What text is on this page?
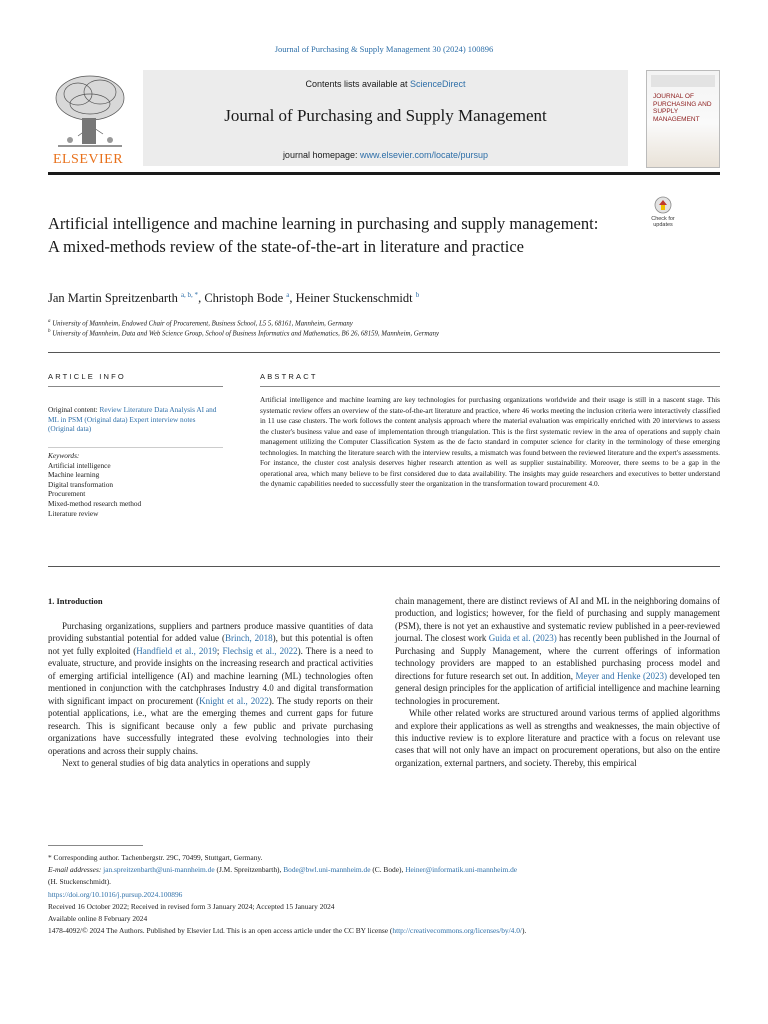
Journal of Purchasing & Supply Management 30 (2024) 100896
ELSEVIER
Contents lists available at ScienceDirect
Journal of Purchasing and Supply Management
journal homepage: www.elsevier.com/locate/pursup
JOURNAL OF PURCHASING AND SUPPLY MANAGEMENT
Check for updates
Artificial intelligence and machine learning in purchasing and supply management: A mixed-methods review of the state-of-the-art in literature and practice
Jan Martin Spreitzenbarth $^{a, b, *}$, Christoph Bode $^a$, Heiner Stuckenschmidt $^b$
$^a$ University of Mannheim, Endowed Chair of Procurement, Business School, L5 5, 68161, Mannheim, Germany
$^b$ University of Mannheim, Data and Web Science Group, School of Business Informatics and Mathematics, B6 26, 68159, Mannheim, Germany
ARTICLE INFO	ABSTRACT
Original content: Review Literature Data Analysis AI and ML in PSM (Original data) Expert interview notes (Original data)
Keywords:
Artificial intelligence
Machine learning
Digital transformation
Procurement
Mixed-method research method
Literature review
Artificial intelligence and machine learning are key technologies for purchasing organizations worldwide and their usage is still in a nascent stage. This systematic review offers an overview of the state-of-the-art literature and practice, where 46 works meeting the inclusion criteria were interactively classified in 11 use case clusters. The work follows the content analysis approach where the material evaluation was empirically enriched with 20 interviews to assess the cluster's business value and ease of implementation through triangulation. This is the first systematic review in the area of operations and supply chain management utilizing the Computer Classification System as the de facto standard in computer science for clarity in the terminology of these emerging technologies. In matching the literature search with the interview results, a mismatch was found between the reviewed literature and the expert's assessments. For instance, the cluster cost analysis deserves higher research attention as well as supplier sustainability. Moreover, there seems to be a gap in the operational area, which many believe to be first considered due to data availability. The insights may guide researchers and executives to better understand the dynamic capabilities needed to successfully steer the organization in the transformation toward procurement 4.0.
1. Introduction

Purchasing organizations, suppliers and partners produce massive quantities of data providing substantial potential for added value (Brinch, 2018), but this potential is often not yet fully exploited (Handfield et al., 2019; Flechsig et al., 2022). There is a need to evaluate, structure, and provide insights on the increasing research and practical activities of emerging artificial intelligence (AI) and machine learning (ML) technologies often mentioned in conjunction with the catchphrases Industry 4.0 and digital transformation with significant impact on procurement (Knight et al., 2022). The study reports on their potential applications, i.e., what are the emerging themes and current gaps for future research. This is significant because only a few public and private purchasing organizations have successfully integrated these evolving technologies into their operations and across their supply chains.

Next to general studies of big data analytics in operations and supply

chain management, there are distinct reviews of AI and ML in the neighboring domains of production, and logistics; however, for the field of purchasing and supply management (PSM), there is not yet an exhaustive and systematic review published in a peer-reviewed journal. The closest work Guida et al. (2023) has recently been published in the Journal of Purchasing and Supply Management, where the current offerings of information technology providers are mapped to an established purchasing process model and directions for future research set out. In addition, Meyer and Henke (2023) developed ten general design principles for the application of artificial intelligence and machine learning technologies in procurement.

While other related works are structured around various terms of applied algorithms and explore their applications as well as strengths and weaknesses, the main objective of this inductive review is to explore literature and practice with a focus on relevant use cases that will not only have an impact on procurement operations, but also on the entire organization, external partners, and society. Thereby, this empirical

* Corresponding author. Tachenbergstr. 29C, 70499, Stuttgart, Germany.
E-mail addresses: jan.spreitzenbarth@uni-mannheim.de (J.M. Spreitzenbarth), Bode@bwl.uni-mannheim.de (C. Bode), Heiner@informatik.uni-mannheim.de
(H. Stuckenschmidt).
https://doi.org/10.1016/j.pursup.2024.100896
Received 16 October 2022; Received in revised form 3 January 2024; Accepted 15 January 2024
Available online 8 February 2024
1478-4092/© 2024 The Authors. Published by Elsevier Ltd. This is an open access article under the CC BY license (http://creativecommons.org/licenses/by/4.0/).
